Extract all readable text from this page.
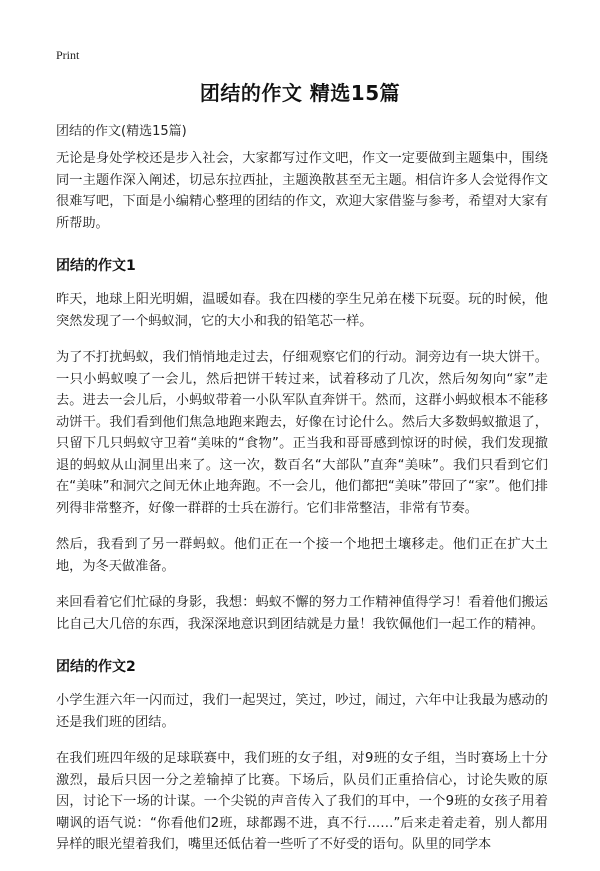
Print
团结的作文 精选15篇
团结的作文(精选15篇)

无论是身处学校还是步入社会，大家都写过作文吧，作文一定要做到主题集中，围绕同一主题作深入阐述，切忌东拉西扯，主题涣散甚至无主题。相信许多人会觉得作文很难写吧，下面是小编精心整理的团结的作文，欢迎大家借鉴与参考，希望对大家有所帮助。

团结的作文1

昨天，地球上阳光明媚，温暖如春。我在四楼的孪生兄弟在楼下玩耍。玩的时候，他突然发现了一个蚂蚁洞，它的大小和我的铅笔芯一样。

为了不打扰蚂蚁，我们悄悄地走过去，仔细观察它们的行动。洞旁边有一块大饼干。一只小蚂蚁嗅了一会儿，然后把饼干转过来，试着移动了几次，然后匆匆向“家”走去。进去一会儿后，小蚂蚁带着一小队军队直奔饼干。然而，这群小蚂蚁根本不能移动饼干。我们看到他们焦急地跑来跑去，好像在讨论什么。然后大多数蚂蚁撤退了，只留下几只蚂蚁守卫着“美味的“食物”。正当我和哥哥感到惊讶的时候，我们发现撤退的蚂蚁从山洞里出来了。这一次，数百名“大部队”直奔“美味”。我们只看到它们在“美味”和洞穴之间无休止地奔跑。不一会儿，他们都把“美味”带回了“家”。他们排列得非常整齐，好像一群群的士兵在游行。它们非常整洁，非常有节奏。

然后，我看到了另一群蚂蚁。他们正在一个接一个地把土壤移走。他们正在扩大土地，为冬天做准备。

来回看着它们忙碌的身影，我想：蚂蚁不懈的努力工作精神值得学习！看着他们搬运比自己大几倍的东西，我深深地意识到团结就是力量！我钦佩他们一起工作的精神。

团结的作文2

小学生涯六年一闪而过，我们一起哭过，笑过，吵过，闹过，六年中让我最为感动的还是我们班的团结。

在我们班四年级的足球联赛中，我们班的女子组，对9班的女子组，当时赛场上十分激烈，最后只因一分之差输掉了比赛。下场后，队员们正重拾信心，讨论失败的原因，讨论下一场的计谋。一个尖锐的声音传入了我们的耳中，一个9班的女孩子用着嘲讽的语气说：“你看他们2班，球都踢不进，真不行……”后来走着走着，别人都用异样的眼光望着我们，嘴里还低估着一些听了不好受的语句。队里的同学本
